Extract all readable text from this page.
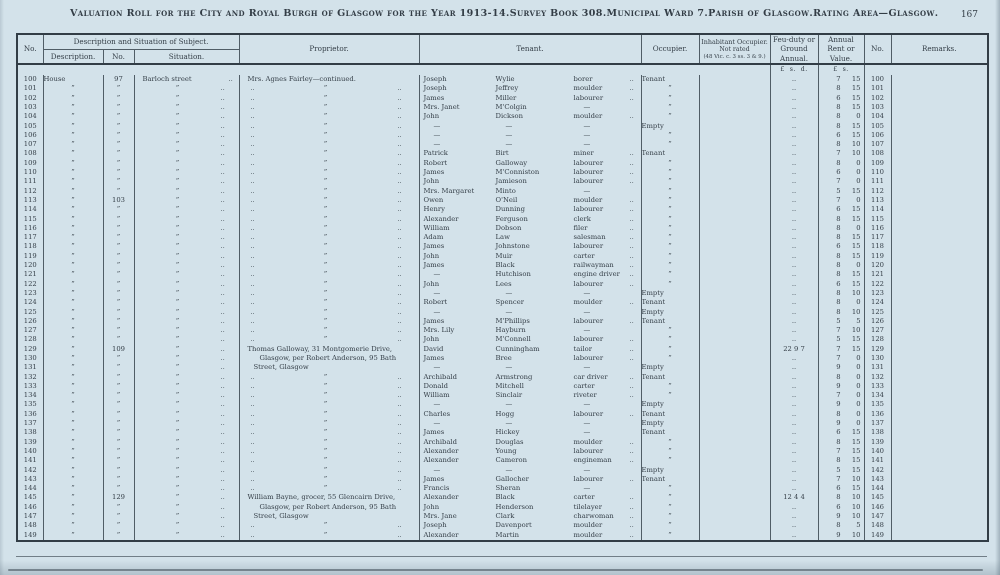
Valuation Roll for the City and Royal Burgh of Glasgow for the Year 1913-14. Survey Book 308. Municipal Ward 7. Parish of Glasgow. Rating Area—Glasgow. 167
No.	Description and Situation of Subject.			Proprietor.	Tenant.	Occupier.	Inhabitant Occupier.
Not rated
(48 Vic. c. 3 ss. 3 & 9.)	Feu-duty or Ground Annual.	Annual Rent or Value.	No.	Remarks.
	Description.	No.	Situation.								
								£  s.  d.	£  s.		
100	House	97	Barloch street ..	Mrs. Agnes Fairley—continued.	Joseph Wylie borer ..	Tenant		..	7 15	100	
101	”	”	” ..	.. ” ..	Joseph Jeffrey moulder ..	”		..	8 15	101	
102	”	”	” ..	.. ” ..	James Miller labourer ..	”		..	6 15	102	
103	”	”	” ..	.. ” ..	Mrs. Janet M'Colgin —	”		..	8 15	103	
104	”	”	” ..	.. ” ..	John Dickson moulder ..	”		..	8 0	104	
105	”	”	” ..	.. ” ..	— — —	Empty		..	8 15	105	
106	”	”	” ..	.. ” ..	— — —	”		..	6 15	106	
107	”	”	” ..	.. ” ..	— — —	”		..	8 10	107	
108	”	”	” ..	.. ” ..	Patrick Birt miner ..	Tenant		..	7 10	108	
109	”	”	” ..	.. ” ..	Robert Galloway labourer ..	”		..	8 0	109	
110	”	”	” ..	.. ” ..	James M'Conniston labourer ..	”		..	6 0	110	
111	”	”	” ..	.. ” ..	John Jamieson labourer ..	”		..	7 0	111	
112	”	”	” ..	.. ” ..	Mrs. Margaret Minto —	”		..	5 15	112	
113	”	103	” ..	.. ” ..	Owen O'Neil moulder ..	”		..	7 0	113	
114	”	”	” ..	.. ” ..	Henry Dunning labourer ..	”		..	6 15	114	
115	”	”	” ..	.. ” ..	Alexander Ferguson clerk ..	”		..	8 15	115	
116	”	”	” ..	.. ” ..	William Dobson filer ..	”		..	8 0	116	
117	”	”	” ..	.. ” ..	Adam Law salesman ..	”		..	8 15	117	
118	”	”	” ..	.. ” ..	James Johnstone labourer ..	”		..	6 15	118	
119	”	”	” ..	.. ” ..	John Muir carter ..	”		..	8 15	119	
120	”	”	” ..	.. ” ..	James Black railwayman ..	”		..	8 0	120	
121	”	”	” ..	.. ” ..	— Hutchison engine driver ..	”		..	8 15	121	
122	”	”	” ..	.. ” ..	John Lees labourer ..	”		..	6 15	122	
123	”	”	” ..	.. ” ..	— — —	Empty		..	8 10	123	
124	”	”	” ..	.. ” ..	Robert Spencer moulder ..	Tenant		..	8 0	124	
125	”	”	” ..	.. ” ..	— — —	Empty		..	8 10	125	
126	”	”	” ..	.. ” ..	James M'Phillips labourer ..	Tenant		..	5 5	126	
127	”	”	” ..	.. ” ..	Mrs. Lily Hayburn —	”		..	7 10	127	
128	”	”	” ..	.. ” ..	John M'Connell labourer ..	”		..	5 15	128	
129	”	109	” ..	Thomas Galloway, 31 Montgomerie Drive,	David Cunningham tailor ..	”		22 9 7	7 15	129	
130	”	”	” ..	Glasgow, per Robert Anderson, 95 Bath	James Bree labourer ..	”		..	7 0	130	
131	”	”	” ..	Street, Glasgow	— — —	Empty		..	9 0	131	
132	”	”	” ..	.. ” ..	Archibald Armstrong car driver ..	Tenant		..	8 0	132	
133	”	”	” ..	.. ” ..	Donald Mitchell carter ..	”		..	9 0	133	
134	”	”	” ..	.. ” ..	William Sinclair riveter ..	”		..	7 0	134	
135	”	”	” ..	.. ” ..	— — —	Empty		..	9 0	135	
136	”	”	” ..	.. ” ..	Charles Hogg labourer ..	Tenant		..	8 0	136	
137	”	”	” ..	.. ” ..	— — —	Empty		..	9 0	137	
138	”	”	” ..	.. ” ..	James Hickey —	Tenant		..	6 15	138	
139	”	”	” ..	.. ” ..	Archibald Douglas moulder ..	”		..	8 15	139	
140	”	”	” ..	.. ” ..	Alexander Young labourer ..	”		..	7 15	140	
141	”	”	” ..	.. ” ..	Alexander Cameron engineman ..	”		..	8 15	141	
142	”	”	” ..	.. ” ..	— — —	Empty		..	5 15	142	
143	”	”	” ..	.. ” ..	James Gallocher labourer ..	Tenant		..	7 10	143	
144	”	”	” ..	.. ” ..	Francis Sheran —	”		..	6 15	144	
145	”	129	” ..	William Bayne, grocer, 55 Glencairn Drive,	Alexander Black carter ..	”		12 4 4	8 10	145	
146	”	”	” ..	Glasgow, per Robert Anderson, 95 Bath	John Henderson tilelayer ..	”		..	6 10	146	
147	”	”	” ..	Street, Glasgow	Mrs. Jane Clark charwoman ..	”		..	9 10	147	
148	”	”	” ..	.. ” ..	Joseph Davenport moulder ..	”		..	8 5	148	
149	”	”	” ..	.. ” ..	Alexander Martin moulder ..	”		..	9 10	149	
